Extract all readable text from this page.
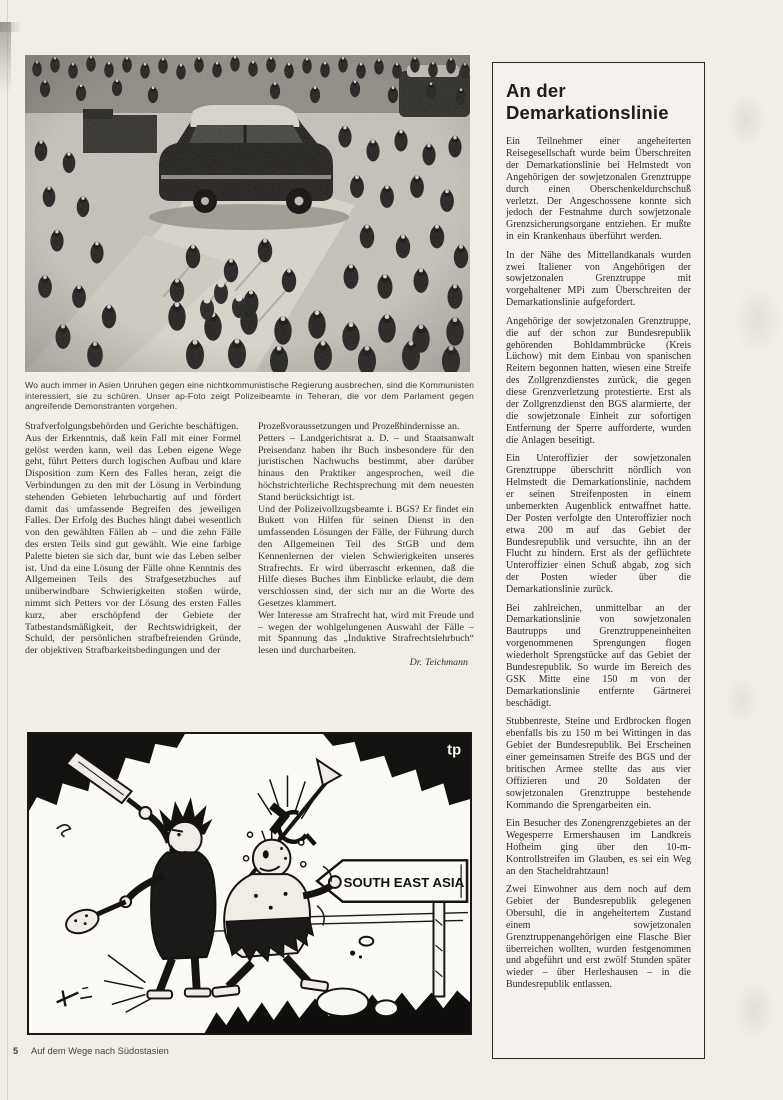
Wo auch immer in Asien Unruhen gegen eine nichtkommunistische Regierung ausbrechen, sind die Kommunisten interessiert, sie zu schüren. Unser ap-Foto zeigt Polizeibeamte in Teheran, die vor dem Parlament gegen angreifende Demonstranten vorgehen.

Strafverfolgungsbehörden und Gerichte beschäftigen.

Aus der Erkenntnis, daß kein Fall mit einer Formel gelöst werden kann, weil das Leben eigene Wege geht, führt Petters durch logischen Aufbau und klare Disposition zum Kern des Falles heran, zeigt die Verbindungen zu den mit der Lösung in Verbindung stehenden Gebieten lehrbuchartig auf und fördert damit das umfassende Begreifen des jeweiligen Falles. Der Erfolg des Buches hängt dabei wesentlich von den gewählten Fällen ab – und die zehn Fälle des ersten Teils sind gut gewählt. Wie eine farbige Palette bieten sie sich dar, bunt wie das Leben selber ist. Und da eine Lösung der Fälle ohne Kenntnis des Allgemeinen Teils des Strafgesetzbuches auf unüberwindbare Schwierigkeiten stoßen würde, nimmt sich Petters vor der Lösung des ersten Falles kurz, aber erschöpfend der Gebiete der Tatbestandsmäßigkeit, der Rechtswidrigkeit, der Schuld, der persönlichen strafbefreienden Gründe, der objektiven Strafbarkeitsbedingungen und der

Prozeßvoraussetzungen und Prozeßhindernisse an.

Petters – Landgerichtsrat a. D. – und Staatsanwalt Preisendanz haben ihr Buch insbesondere für den juristischen Nachwuchs bestimmt, aber darüber hinaus den Praktiker angesprochen, weil die höchstrichterliche Rechtsprechung mit dem neuesten Stand berücksichtigt ist.

Und der Polizeivollzugsbeamte i. BGS? Er findet ein Bukett von Hilfen für seinen Dienst in den umfassenden Lösungen der Fälle, der Führung durch den Allgemeinen Teil des StGB und dem Kennenlernen der vielen Schwierigkeiten unseres Strafrechts. Er wird überrascht erkennen, daß die Hilfe dieses Buches ihm Einblicke erlaubt, die dem verschlossen sind, der sich nur an die Worte des Gesetzes klammert.

Wer Interesse am Strafrecht hat, wird mit Freude und – wegen der wohlgelungenen Auswahl der Fälle – mit Spannung das „Induktive Strafrechtslehrbuch“ lesen und durcharbeiten.

Dr. Teichmann
tp
SOUTH EAST ASIA
5 Auf dem Wege nach Südostasien
An der
Demarkationslinie

Ein Teilnehmer einer angeheiterten Reisegesellschaft wurde beim Überschreiten der Demarkationslinie bei Helmstedt von Angehörigen der sowjetzonalen Grenztruppe durch einen Oberschenkeldurchschuß verletzt. Der Angeschossene konnte sich jedoch der Festnahme durch sowjetzonale Grenzsicherungsorgane entziehen. Er mußte in ein Krankenhaus überführt werden.

In der Nähe des Mittellandkanals wurden zwei Italiener von Angehörigen der sowjetzonalen Grenztruppe mit vorgehaltener MPi zum Überschreiten der Demarkationslinie aufgefordert.

Angehörige der sowjetzonalen Grenztruppe, die auf der schon zur Bundesrepublik gehörenden Bohldammbrücke (Kreis Lüchow) mit dem Einbau von spanischen Reitern begonnen hatten, wiesen eine Streife des Zollgrenzdienstes zurück, die gegen diese Grenzverletzung protestierte. Erst als der Zollgrenzdienst den BGS alarmierte, der die sowjetzonale Einheit zur sofortigen Entfernung der Sperre aufforderte, wurden die Anlagen beseitigt.

Ein Unteroffizier der sowjetzonalen Grenztruppe überschritt nördlich von Helmstedt die Demarkationslinie, nachdem er seinen Streifenposten in einem unbemerkten Augenblick entwaffnet hatte. Der Posten verfolgte den Unteroffizier noch etwa 200 m auf das Gebiet der Bundesrepublik und versuchte, ihn an der Flucht zu hindern. Erst als der geflüchtete Unteroffizier einen Schuß abgab, zog sich der Posten wieder über die Demarkationslinie zurück.

Bei zahlreichen, unmittelbar an der Demarkationslinie von sowjetzonalen Bautrupps und Grenztruppeneinheiten vorgenommenen Sprengungen flogen wiederholt Sprengstücke auf das Gebiet der Bundesrepublik. So wurde im Bereich des GSK Mitte eine 150 m von der Demarkationslinie entfernte Gärtnerei beschädigt.

Stubbenreste, Steine und Erdbrocken flogen ebenfalls bis zu 150 m bei Wittingen in das Gebiet der Bundesrepublik. Bei Erscheinen einer gemeinsamen Streife des BGS und der britischen Armee stellte das aus vier Offizieren und 20 Soldaten der sowjetzonalen Grenztruppe bestehende Kommando die Sprengarbeiten ein.

Ein Besucher des Zonengrenzgebietes an der Wegesperre Ermershausen im Landkreis Hofheim ging über den 10-m-Kontrollstreifen im Glauben, es sei ein Weg an den Stacheldrahtzaun!

Zwei Einwohner aus dem noch auf dem Gebiet der Bundesrepublik gelegenen Obersuhl, die in angeheitertem Zustand einem sowjetzonalen Grenztruppenangehörigen eine Flasche Bier überreichen wollten, wurden festgenommen und abgeführt und erst zwölf Stunden später wieder – über Herleshausen – in die Bundesrepublik entlassen.
